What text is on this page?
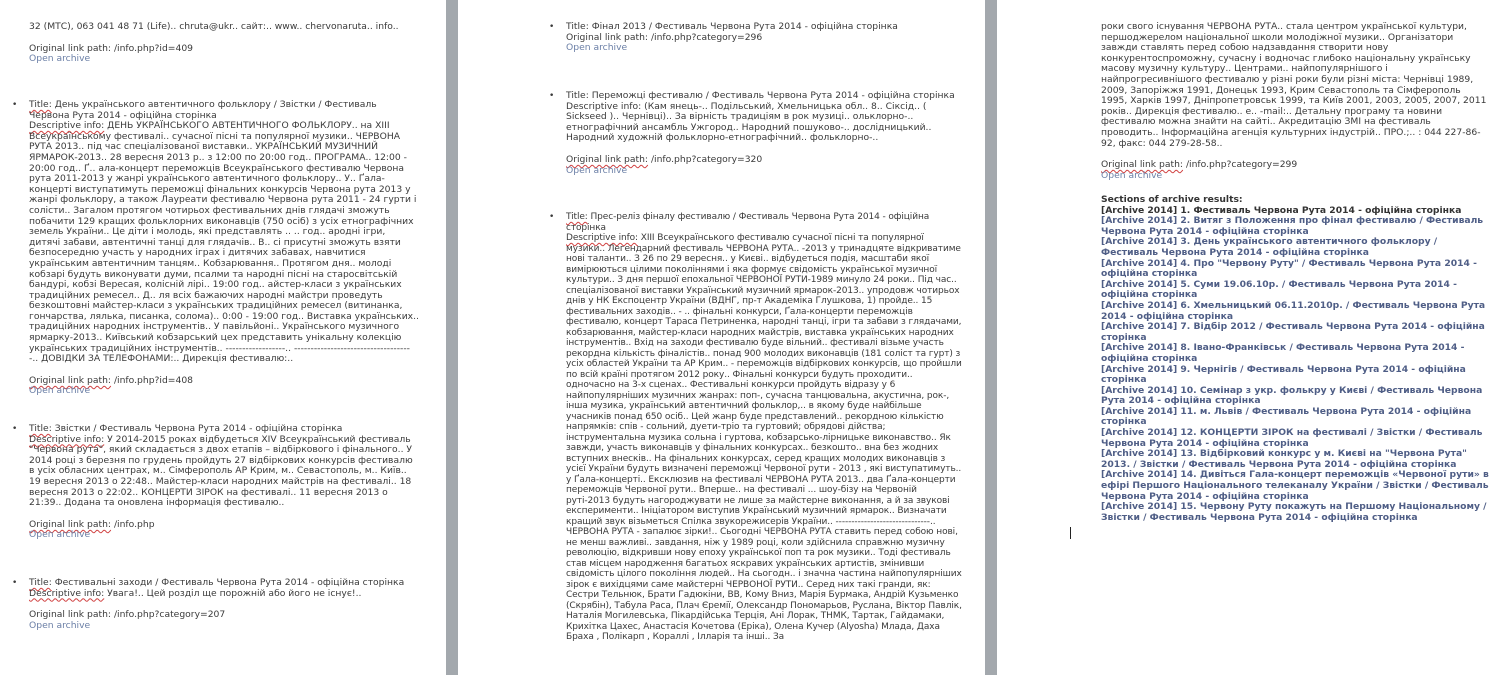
32 (МТС), 063 041 48 71 (Life).. chruta@ukr.. сайт:.. www.. chervonaruta.. info..
Original link path: /info.php?id=409
Open archive
• Title: День українського автентичного фольклору / Звістки / Фестиваль Червона Рута 2014 - офіційна сторінка
Descriptive info: ДЕНЬ УКРАЇНСЬКОГО АВТЕНТИЧНОГО ФОЛЬКЛОРУ.. на XIII Всеукраїнському фестивалі.. сучасної пісні та популярної музики.. ЧЕРВОНА РУТА 2013.. під час спеціалізованої виставки.. УКРАЇНСЬКИЙ МУЗИЧНИЙ ЯРМАРОК-2013.. 28 вересня 2013 р.. з 12:00 по 20:00 год.. ПРОГРАМА.. 12:00 - 20:00 год.. Ґ.. ала-концерт переможців Всеукраїнського фестивалю Червона рута 2011-2013 у жанрі українського автентичного фольклору.. У.. Ґала-концерті виступатимуть переможці фінальних конкурсів Червона рута 2013 у жанрі фольклору, а також Лауреати фестивалю Червона рута 2011 - 24 гурти і солісти.. Загалом протягом чотирьох фестивальних днів глядачі зможуть побачити 129 кращих фольклорних виконавців (750 осіб) з усіх етнографічних земель України.. Це діти і молодь, які представлять .. .. год.. ародні ігри, дитячі забави, автентичні танці для глядачів.. В.. сі присутні зможуть взяти безпосередню участь у народних іграх і дитячих забавах, навчитися українським автентичним танцям.. Кобзарювання.. Протягом дня.. молоді кобзарі будуть виконувати думи, псалми та народні пісні на старосвітській бандурі, кобзі Вересая, колісній лірі.. 19:00 год.. айстер-класи з українських традиційних ремесел.. Д.. ля всіх бажаючих народні майстри проведуть безкоштовні майстер-класи з українських традиційних ремесел (витинанка, гончарства, лялька, писанка, солома).. 0:00 - 19:00 год.. Виставка українських.. традиційних народних інструментів.. У павільйоні.. Українського музичного ярмарку-2013.. Київський кобзарський цех представить унікальну колекцію українських традиційних інструментів.. ------------------.. ------------------------------------.. ДОВІДКИ ЗА ТЕЛЕФОНАМИ:.. Дирекція фестивалю:..
Original link path: /info.php?id=408
Open archive
• Title: Звістки / Фестиваль Червона Рута 2014 - офіційна сторінка
Descriptive info: У 2014-2015 роках відбудеться XIV Всеукраїнський фестиваль "Червона рута", який складається з двох етапів – відбіркового і фінального.. У 2014 році з березня по грудень пройдуть 27 відбіркових конкурсів фестивалю в усіх обласних центрах, м.. Сімферополь АР Крим, м.. Севастополь, м.. Київ.. 19 вересня 2013 о 22:48.. Майстер-класи народних майстрів на фестивалі.. 18 вересня 2013 о 22:02.. КОНЦЕРТИ ЗІРОК на фестивалі.. 11 вересня 2013 о 21:39.. Додана та оновлена інформація фестивалю..
Original link path: /info.php
Open archive
• Title: Фестивальні заходи / Фестиваль Червона Рута 2014 - офіційна сторінка
Descriptive info: Увага!.. Цей розділ ще порожній або його не існує!..
Original link path: /info.php?category=207
Open archive
• Title: Фінал 2013 / Фестиваль Червона Рута 2014 - офіційна сторінка
Original link path: /info.php?category=296
Open archive
• Title: Переможці фестивалю / Фестиваль Червона Рута 2014 - офіційна сторінка
Descriptive info: (Кам янець-.. Подільський, Хмельницька обл.. 8.. Сіксід.. ( Sickseed ).. Чернівці).. За вірність традиціям в рок музиці.. ольклорно-.. етнографічний ансамбль Ужгород.. Народний пошуково-.. дослідницький.. Народний художній фольклорно-етнографічний.. фольклорно-..
Original link path: /info.php?category=320
Open archive
• Title: Прес-реліз фіналу фестивалю / Фестиваль Червона Рута 2014 - офіційна сторінка
Descriptive info: XIII Всеукраїнського фестивалю сучасної пісні та популярної музики.. Легендарний фестиваль ЧЕРВОНА РУТА.. -2013 у тринадцяте відкриватиме нові таланти.. З 26 по 29 вересня.. у Києві.. відбудеться подія, масштаби якої вимірюються цілими поколіннями і яка формує свідомість української музичної культури.. З дня першої епохальної ЧЕРВОНОЇ РУТИ-1989 минуло 24 роки.. Під час.. спеціалізованої виставки Український музичний ярмарок-2013.. упродовж чотирьох днів у НК Експоцентр України (ВДНГ, пр-т Академіка Глушкова, 1) пройде.. 15 фестивальних заходів.. - .. фінальні конкурси, Ґала-концерти переможців фестивалю, концерт Тараса Петриненка, народні танці, ігри та забави з глядачами, кобзарювання, майстер-класи народних майстрів, виставка українських народних інструментів.. Вхід на заходи фестивалю буде вільний.. фестивалі візьме участь рекордна кількість фіналістів.. понад 900 молодих виконавців (181 соліст та гурт) з усіх областей України та АР Крим.. - переможців відбіркових конкурсів, що пройшли по всій країні протягом 2012 року.. Фінальні конкурси будуть проходити.. одночасно на 3-х сценах.. Фестивальні конкурси пройдуть відразу у 6 найпопулярніших музичних жанрах: поп-, сучасна танцювальна, акустична, рок-, інша музика, український автентичний фольклор,.. в якому буде найбільше учасників понад 650 осіб.. Цей жанр буде представлений.. рекордною кількістю напрямків: спів - сольний, дуети-тріо та гуртовий; обрядові дійства; інструментальна музика сольна і гуртова, кобзарсько-лірницьке виконавство.. Як завжди, участь виконавців у фінальних конкурсах.. безкошто.. вна без жодних вступних внесків.. На фінальних конкурсах, серед кращих молодих виконавців з усієї України будуть визначені переможці Червоної рути - 2013 , які виступатимуть.. у Ґала-концерті.. Ексклюзив на фестивалі ЧЕРВОНА РУТА 2013.. два Ґала-концерти переможців Червоної рути.. Вперше.. на фестивалі ... шоу-бізу на Червоній руті-2013 будуть нагороджувати не лише за майстерне виконання, а й за звукові експерименти.. Ініціатором виступив Український музичний ярмарок.. Визначати кращий звук візьметься Спілка звукорежисерів України.. ------------------------------.. ЧЕРВОНА РУТА - запалює зірки!.. Сьогодні ЧЕРВОНА РУТА ставить перед собою нові, не менш важливі.. завдання, ніж у 1989 році, коли здійснила справжню музичну революцію, відкривши нову епоху української поп та рок музики.. Тоді фестиваль став місцем народження багатьох яскравих українських артистів, змінивши свідомість цілого покоління людей.. На сьогодн.. і значна частина найпопулярніших зірок є вихідцями саме майстерні ЧЕРВОНОЇ РУТИ.. Серед них такі гранди, як: Сестри Тельнюк, Брати Гадюкіни, ВВ, Кому Вниз, Марія Бурмака, Андрій Кузьменко (Скрябін), Табула Раса, Плач Єремії, Олександр Пономарьов, Руслана, Віктор Павлік, Наталія Могилевська, Пікардійська Терція, Ані Лорак, ТНМК, Тартак, Гайдамаки, Крихітка Цахес, Анастасія Кочетова (Еріка), Олена Кучер (Alyosha) Млада, Даха Браха , Полікарп , Кораллі , Ілларія та інші.. За
роки свого існування ЧЕРВОНА РУТА.. стала центром української культури, першоджерелом національної школи молодіжної музики.. Організатори завжди ставлять перед собою надзавдання створити нову конкурентоспроможну, сучасну і водночас глибоко національну українську масову музичну культуру.. Центрами.. найпопулярнішого і найпрогресивнішого фестивалю у різні роки були різні міста: Чернівці 1989, 2009, Запоріжжя 1991, Донецьк 1993, Крим Севастополь та Сімферополь 1995, Харків 1997, Дніпропетровськ 1999, та Київ 2001, 2003, 2005, 2007, 2011 років.. Дирекція фестивалю.. е.. -mail:.. Детальну програму та новини фестивалю можна знайти на сайті.. Акредитацію ЗМІ на фестиваль проводить.. Інформаційна агенція культурних індустрій.. ПРО.;.. : 044 227-86-92, факс: 044 279-28-58..
Original link path: /info.php?category=299
Open archive
Sections of archive results:
[Archive 2014] 1. Фестиваль Червона Рута 2014 - офіційна сторінка
[Archive 2014] 2. Витяг з Положення про фінал фестивалю / Фестиваль Червона Рута 2014 - офіційна сторінка
[Archive 2014] 3. День українського автентичного фольклору / Фестиваль Червона Рута 2014 - офіційна сторінка
[Archive 2014] 4. Про "Червону Руту" / Фестиваль Червона Рута 2014 - офіційна сторінка
[Archive 2014] 5. Суми 19.06.10р. / Фестиваль Червона Рута 2014 - офіційна сторінка
[Archive 2014] 6. Хмельницький 06.11.2010р. / Фестиваль Червона Рута 2014 - офіційна сторінка
[Archive 2014] 7. Відбір 2012 / Фестиваль Червона Рута 2014 - офіційна сторінка
[Archive 2014] 8. Івано-Франківськ / Фестиваль Червона Рута 2014 - офіційна сторінка
[Archive 2014] 9. Чернігів / Фестиваль Червона Рута 2014 - офіційна сторінка
[Archive 2014] 10. Семінар з укр. фолькру у Києві / Фестиваль Червона Рута 2014 - офіційна сторінка
[Archive 2014] 11. м. Львів / Фестиваль Червона Рута 2014 - офіційна сторінка
[Archive 2014] 12. КОНЦЕРТИ ЗІРОК на фестивалі / Звістки / Фестиваль Червона Рута 2014 - офіційна сторінка
[Archive 2014] 13. Відбірковий конкурс у м. Києві на "Червона Рута" 2013. / Звістки / Фестиваль Червона Рута 2014 - офіційна сторінка
[Archive 2014] 14. Дивіться Гала-концерт переможців «Червоної рути» в ефірі Першого Національного телеканалу України / Звістки / Фестиваль Червона Рута 2014 - офіційна сторінка
[Archive 2014] 15. Червону Руту покажуть на Першому Національному / Звістки / Фестиваль Червона Рута 2014 - офіційна сторінка
